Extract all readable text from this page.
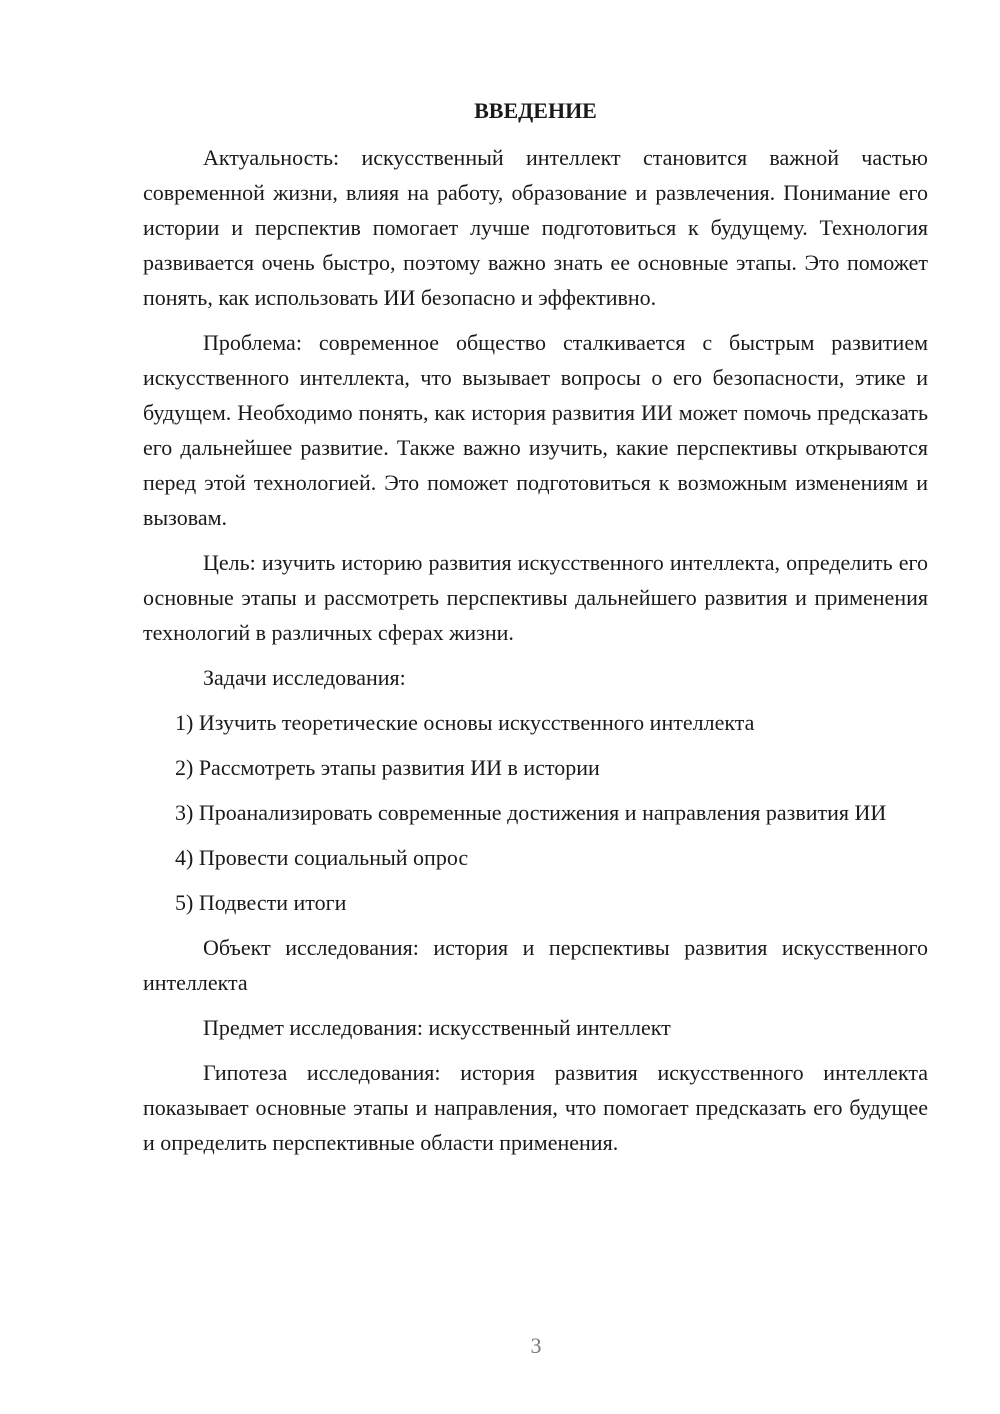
ВВЕДЕНИЕ

Актуальность: искусственный интеллект становится важной частью современной жизни, влияя на работу, образование и развлечения. Понимание его истории и перспектив помогает лучше подготовиться к будущему. Технология развивается очень быстро, поэтому важно знать ее основные этапы. Это поможет понять, как использовать ИИ безопасно и эффективно.

Проблема: современное общество сталкивается с быстрым развитием искусственного интеллекта, что вызывает вопросы о его безопасности, этике и будущем. Необходимо понять, как история развития ИИ может помочь предсказать его дальнейшее развитие. Также важно изучить, какие перспективы открываются перед этой технологией. Это поможет подготовиться к возможным изменениям и вызовам.

Цель: изучить историю развития искусственного интеллекта, определить его основные этапы и рассмотреть перспективы дальнейшего развития и применения технологий в различных сферах жизни.

Задачи исследования:

1) Изучить теоретические основы искусственного интеллекта

2) Рассмотреть этапы развития ИИ в истории

3) Проанализировать современные достижения и направления развития ИИ

4) Провести социальный опрос

5) Подвести итоги

Объект исследования: история и перспективы развития искусственного интеллекта

Предмет исследования: искусственный интеллект

Гипотеза исследования: история развития искусственного интеллекта показывает основные этапы и направления, что помогает предсказать его будущее и определить перспективные области применения.

3
